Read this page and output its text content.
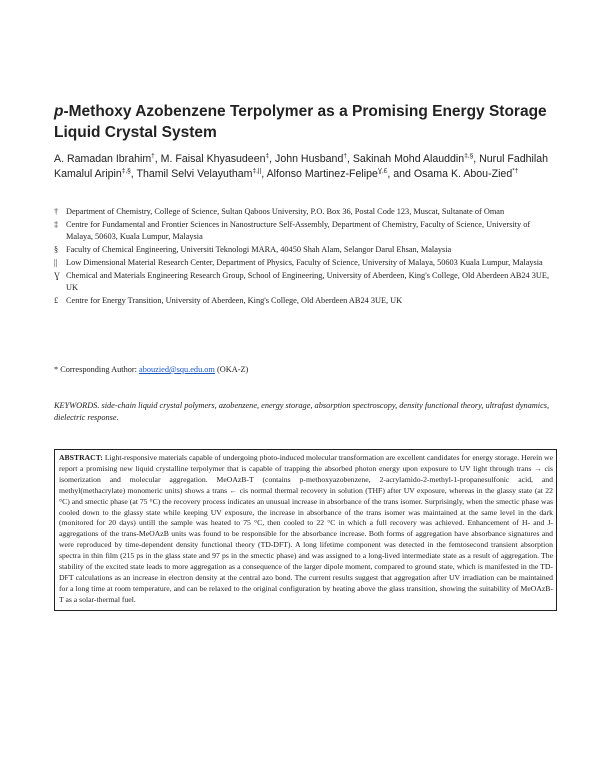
p-Methoxy Azobenzene Terpolymer as a Promising Energy Storage Liquid Crystal System
A. Ramadan Ibrahim†, M. Faisal Khyasudeen‡, John Husband†, Sakinah Mohd Alauddin‡,§, Nurul Fadhilah Kamalul Aripin‡,§, Thamil Selvi Velayutham‡,||, Alfonso Martinez-Felipe$^{Ɣ,£}$, and Osama K. Abou-Zied*†
† Department of Chemistry, College of Science, Sultan Qaboos University, P.O. Box 36, Postal Code 123, Muscat, Sultanate of Oman
‡ Centre for Fundamental and Frontier Sciences in Nanostructure Self-Assembly, Department of Chemistry, Faculty of Science, University of Malaya, 50603, Kuala Lumpur, Malaysia
§ Faculty of Chemical Engineering, Universiti Teknologi MARA, 40450 Shah Alam, Selangor Darul Ehsan, Malaysia
||	Low Dimensional Material Research Center, Department of Physics, Faculty of Science, University of Malaya, 50603 Kuala Lumpur, Malaysia
Ɣ Chemical and Materials Engineering Research Group, School of Engineering, University of Aberdeen, King's College, Old Aberdeen AB24 3UE, UK
£ Centre for Energy Transition, University of Aberdeen, King's College, Old Aberdeen AB24 3UE, UK
* Corresponding Author: abouzied@squ.edu.om (OKA-Z)
KEYWORDS. side-chain liquid crystal polymers, azobenzene, energy storage, absorption spectroscopy, density functional theory, ultrafast dynamics, dielectric response.
ABSTRACT: Light-responsive materials capable of undergoing photo-induced molecular transformation are excellent candidates for energy storage. Herein we report a promising new liquid crystalline terpolymer that is capable of trapping the absorbed photon energy upon exposure to UV light through trans → cis isomerization and molecular aggregation. MeOAzB-T (contains p-methoxyazobenzene, 2-acrylamido-2-methyl-1-propanesulfonic acid, and methyl(methacrylate) monomeric units) shows a trans ← cis normal thermal recovery in solution (THF) after UV exposure, whereas in the glassy state (at 22 °C) and smectic phase (at 75 °C) the recovery process indicates an unusual increase in absorbance of the trans isomer. Surprisingly, when the smectic phase was cooled down to the glassy state while keeping UV exposure, the increase in absorbance of the trans isomer was maintained at the same level in the dark (monitored for 20 days) untill the sample was heated to 75 °C, then cooled to 22 °C in which a full recovery was achieved. Enhancement of H- and J-aggregations of the trans-MeOAzB units was found to be responsible for the absorbance increase. Both forms of aggregation have absorbance signatures and were reproduced by time-dependent density functional theory (TD-DFT). A long lifetime component was detected in the femtosecond transient absorption spectra in thin film (215 ps in the glass state and 97 ps in the smectic phase) and was assigned to a long-lived intermediate state as a result of aggregation. The stability of the excited state leads to more aggregation as a consequence of the larger dipole moment, compared to ground state, which is manifested in the TD-DFT calculations as an increase in electron density at the central azo bond. The current results suggest that aggregation after UV irradiation can be maintained for a long time at room temperature, and can be relaxed to the original configuration by heating above the glass transition, showing the suitability of MeOAzB-T as a solar-thermal fuel.
